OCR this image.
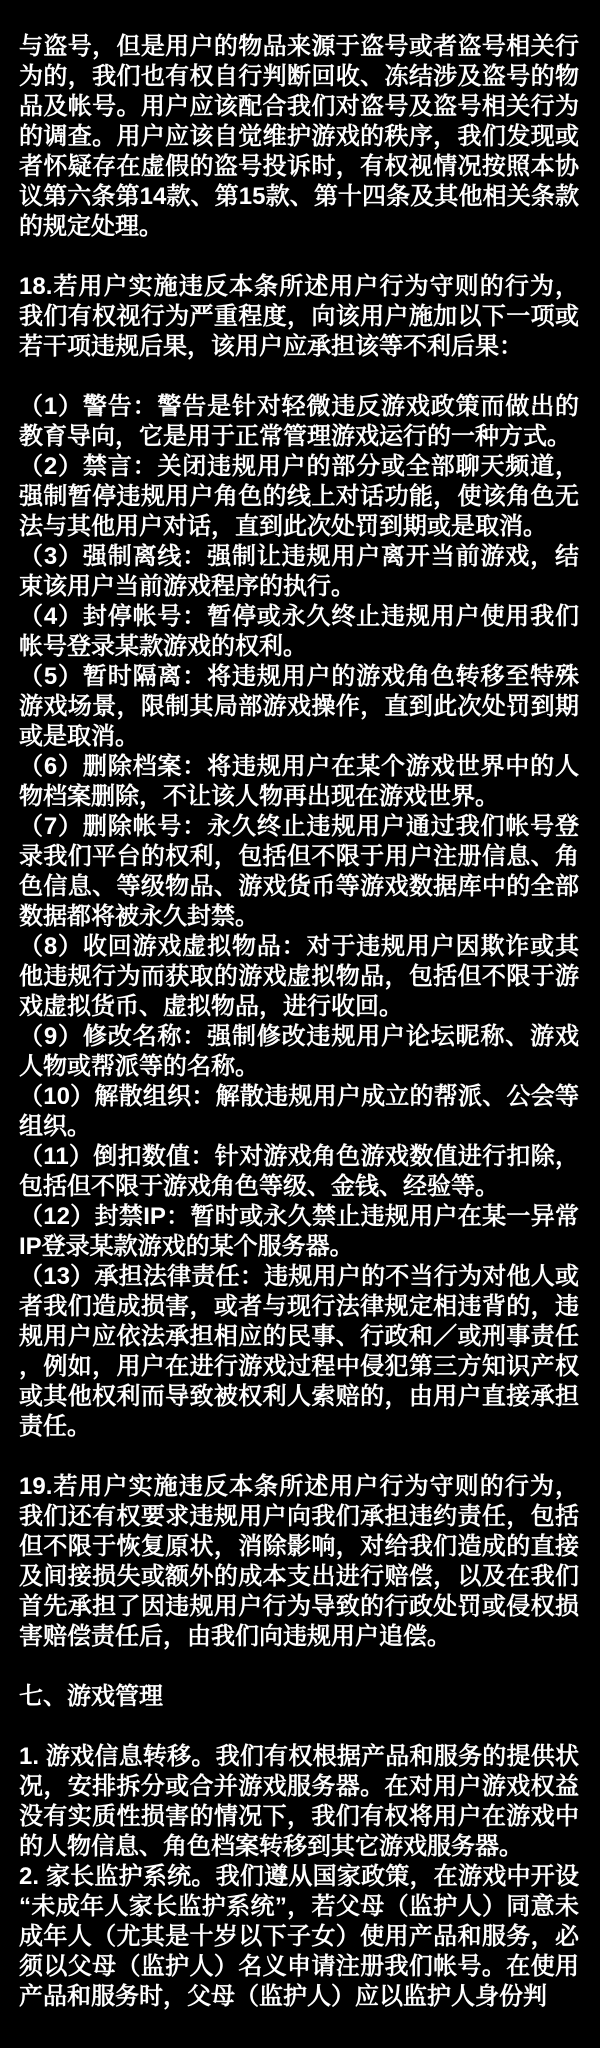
与盗号，但是用户的物品来源于盗号或者盗号相关行为的，我们也有权自行判断回收、冻结涉及盗号的物品及帐号。用户应该配合我们对盗号及盗号相关行为的调查。用户应该自觉维护游戏的秩序，我们发现或者怀疑存在虚假的盗号投诉时，有权视情况按照本协议第六条第14款、第15款、第十四条及其他相关条款的规定处理。

18.若用户实施违反本条所述用户行为守则的行为，我们有权视行为严重程度，向该用户施加以下一项或若干项违规后果，该用户应承担该等不利后果：

（1）警告：警告是针对轻微违反游戏政策而做出的教育导向，它是用于正常管理游戏运行的一种方式。

（2）禁言：关闭违规用户的部分或全部聊天频道，强制暂停违规用户角色的线上对话功能，使该角色无法与其他用户对话，直到此次处罚到期或是取消。

（3）强制离线：强制让违规用户离开当前游戏，结束该用户当前游戏程序的执行。

（4）封停帐号：暂停或永久终止违规用户使用我们帐号登录某款游戏的权利。

（5）暂时隔离：将违规用户的游戏角色转移至特殊游戏场景，限制其局部游戏操作，直到此次处罚到期或是取消。

（6）删除档案：将违规用户在某个游戏世界中的人物档案删除，不让该人物再出现在游戏世界。

（7）删除帐号：永久终止违规用户通过我们帐号登录我们平台的权利，包括但不限于用户注册信息、角色信息、等级物品、游戏货币等游戏数据库中的全部数据都将被永久封禁。

（8）收回游戏虚拟物品：对于违规用户因欺诈或其他违规行为而获取的游戏虚拟物品，包括但不限于游戏虚拟货币、虚拟物品，进行收回。

（9）修改名称：强制修改违规用户论坛昵称、游戏人物或帮派等的名称。

（10）解散组织：解散违规用户成立的帮派、公会等组织。

（11）倒扣数值：针对游戏角色游戏数值进行扣除，包括但不限于游戏角色等级、金钱、经验等。

（12）封禁IP：暂时或永久禁止违规用户在某一异常IP登录某款游戏的某个服务器。

（13）承担法律责任：违规用户的不当行为对他人或者我们造成损害，或者与现行法律规定相违背的，违规用户应依法承担相应的民事、行政和／或刑事责任，例如，用户在进行游戏过程中侵犯第三方知识产权或其他权利而导致被权利人索赔的，由用户直接承担责任。

19.若用户实施违反本条所述用户行为守则的行为，我们还有权要求违规用户向我们承担违约责任，包括但不限于恢复原状，消除影响，对给我们造成的直接及间接损失或额外的成本支出进行赔偿，以及在我们首先承担了因违规用户行为导致的行政处罚或侵权损害赔偿责任后，由我们向违规用户追偿。

七、游戏管理

1. 游戏信息转移。我们有权根据产品和服务的提供状况，安排拆分或合并游戏服务器。在对用户游戏权益没有实质性损害的情况下，我们有权将用户在游戏中的人物信息、角色档案转移到其它游戏服务器。

2. 家长监护系统。我们遵从国家政策，在游戏中开设“未成年人家长监护系统”，若父母（监护人）同意未成年人（尤其是十岁以下子女）使用产品和服务，必须以父母（监护人）名义申请注册我们帐号。在使用产品和服务时，父母（监护人）应以监护人身份判
